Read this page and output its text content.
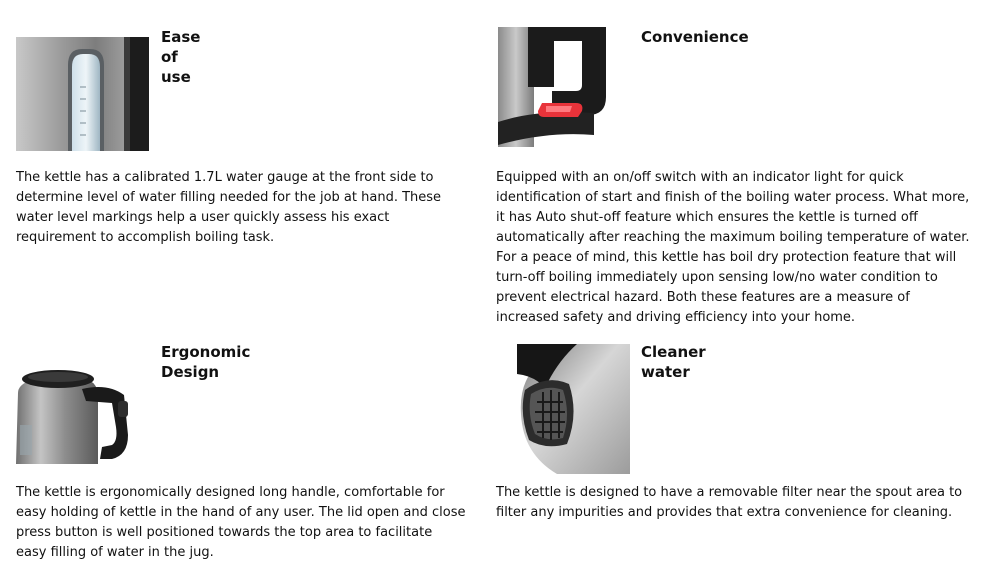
Ease of use

The kettle has a calibrated 1.7L water gauge at the front side to determine level of water filling needed for the job at hand. These water level markings help a user quickly assess his exact requirement to accomplish boiling task.

Convenience

Equipped with an on/off switch with an indicator light for quick identification of start and finish of the boiling water process. What more, it has Auto shut-off feature which ensures the kettle is turned off automatically after reaching the maximum boiling temperature of water. For a peace of mind, this kettle has boil dry protection feature that will turn-off boiling immediately upon sensing low/no water condition to prevent electrical hazard. Both these features are a measure of increased safety and driving efficiency into your home.

Ergonomic Design

The kettle is ergonomically designed long handle, comfortable for easy holding of kettle in the hand of any user. The lid open and close press button is well positioned towards the top area to facilitate easy filling of water in the jug.

Cleaner water

The kettle is designed to have a removable filter near the spout area to filter any impurities and provides that extra convenience for cleaning.
